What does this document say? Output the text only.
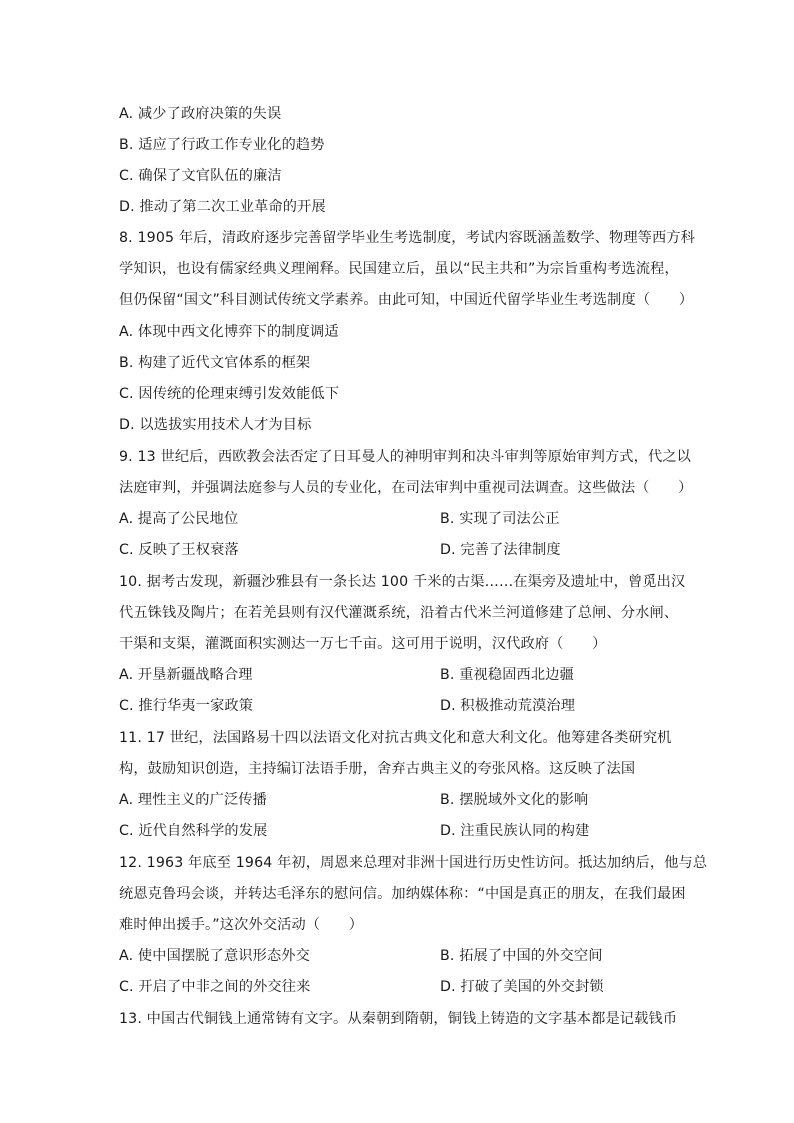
A. 减少了政府决策的失误
B. 适应了行政工作专业化的趋势
C. 确保了文官队伍的廉洁
D. 推动了第二次工业革命的开展
8. 1905 年后，清政府逐步完善留学毕业生考选制度，考试内容既涵盖数学、物理等西方科
学知识，也设有儒家经典义理阐释。民国建立后，虽以“民主共和”为宗旨重构考选流程，
但仍保留“国文”科目测试传统文学素养。由此可知，中国近代留学毕业生考选制度（　　）
A. 体现中西文化博弈下的制度调适
B. 构建了近代文官体系的框架
C. 因传统的伦理束缚引发效能低下
D. 以选拔实用技术人才为目标
9. 13 世纪后，西欧教会法否定了日耳曼人的神明审判和决斗审判等原始审判方式，代之以
法庭审判，并强调法庭参与人员的专业化，在司法审判中重视司法调查。这些做法（　　）
A. 提高了公民地位	B. 实现了司法公正
C. 反映了王权衰落	D. 完善了法律制度
10. 据考古发现，新疆沙雅县有一条长达 100 千米的古渠……在渠旁及遗址中，曾觅出汉
代五铢钱及陶片；在若羌县则有汉代灌溉系统，沿着古代米兰河道修建了总闸、分水闸、
干渠和支渠，灌溉面积实测达一万七千亩。这可用于说明，汉代政府（　　）
A. 开垦新疆战略合理	B. 重视稳固西北边疆
C. 推行华夷一家政策	D. 积极推动荒漠治理
11. 17 世纪，法国路易十四以法语文化对抗古典文化和意大利文化。他筹建各类研究机
构，鼓励知识创造，主持编订法语手册，舍弃古典主义的夸张风格。这反映了法国
A. 理性主义的广泛传播	B. 摆脱域外文化的影响
C. 近代自然科学的发展	D. 注重民族认同的构建
12. 1963 年底至 1964 年初，周恩来总理对非洲十国进行历史性访问。抵达加纳后，他与总
统恩克鲁玛会谈，并转达毛泽东的慰问信。加纳媒体称：“中国是真正的朋友，在我们最困
难时伸出援手。”这次外交活动（　　）
A. 使中国摆脱了意识形态外交	B. 拓展了中国的外交空间
C. 开启了中非之间的外交往来	D. 打破了美国的外交封锁
13. 中国古代铜钱上通常铸有文字。从秦朝到隋朝，铜钱上铸造的文字基本都是记载钱币
